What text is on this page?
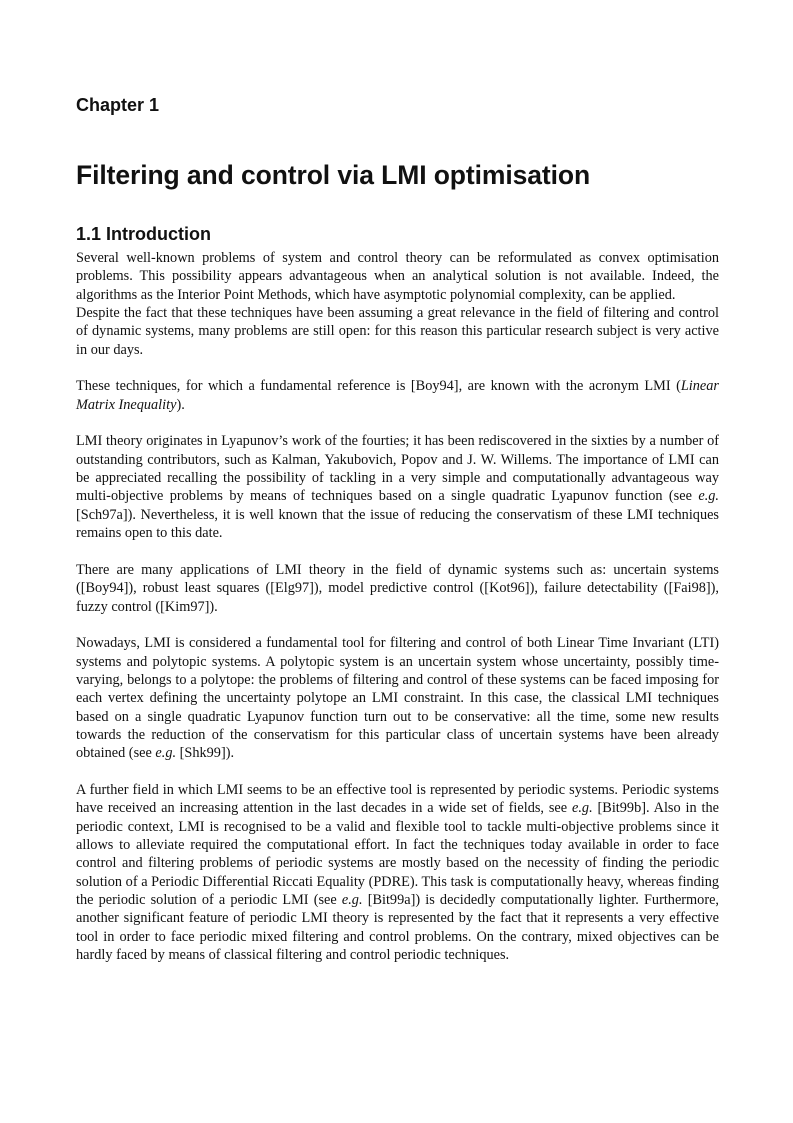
Chapter 1
Filtering and control via LMI optimisation
1.1 Introduction

Several well-known problems of system and control theory can be reformulated as convex optimisation problems. This possibility appears advantageous when an analytical solution is not available. Indeed, the algorithms as the Interior Point Methods, which have asymptotic polynomial complexity, can be applied.

Despite the fact that these techniques have been assuming a great relevance in the field of filtering and control of dynamic systems, many problems are still open: for this reason this particular research subject is very active in our days.

These techniques, for which a fundamental reference is [Boy94], are known with the acronym LMI (Linear Matrix Inequality).

LMI theory originates in Lyapunov’s work of the fourties; it has been rediscovered in the sixties by a number of outstanding contributors, such as Kalman, Yakubovich, Popov and J. W. Willems. The importance of LMI can be appreciated recalling the possibility of tackling in a very simple and computationally advantageous way multi-objective problems by means of techniques based on a single quadratic Lyapunov function (see e.g. [Sch97a]). Nevertheless, it is well known that the issue of reducing the conservatism of these LMI techniques remains open to this date.

There are many applications of LMI theory in the field of dynamic systems such as: uncertain systems ([Boy94]), robust least squares ([Elg97]), model predictive control ([Kot96]), failure detectability ([Fai98]), fuzzy control ([Kim97]).

Nowadays, LMI is considered a fundamental tool for filtering and control of both Linear Time Invariant (LTI) systems and polytopic systems. A polytopic system is an uncertain system whose uncertainty, possibly time-varying, belongs to a polytope: the problems of filtering and control of these systems can be faced imposing for each vertex defining the uncertainty polytope an LMI constraint. In this case, the classical LMI techniques based on a single quadratic Lyapunov function turn out to be conservative: all the time, some new results towards the reduction of the conservatism for this particular class of uncertain systems have been already obtained (see e.g. [Shk99]).

A further field in which LMI seems to be an effective tool is represented by periodic systems. Periodic systems have received an increasing attention in the last decades in a wide set of fields, see e.g. [Bit99b]. Also in the periodic context, LMI is recognised to be a valid and flexible tool to tackle multi-objective problems since it allows to alleviate required the computational effort. In fact the techniques today available in order to face control and filtering problems of periodic systems are mostly based on the necessity of finding the periodic solution of a Periodic Differential Riccati Equality (PDRE). This task is computationally heavy, whereas finding the periodic solution of a periodic LMI (see e.g. [Bit99a]) is decidedly computationally lighter. Furthermore, another significant feature of periodic LMI theory is represented by the fact that it represents a very effective tool in order to face periodic mixed filtering and control problems. On the contrary, mixed objectives can be hardly faced by means of classical filtering and control periodic techniques.
